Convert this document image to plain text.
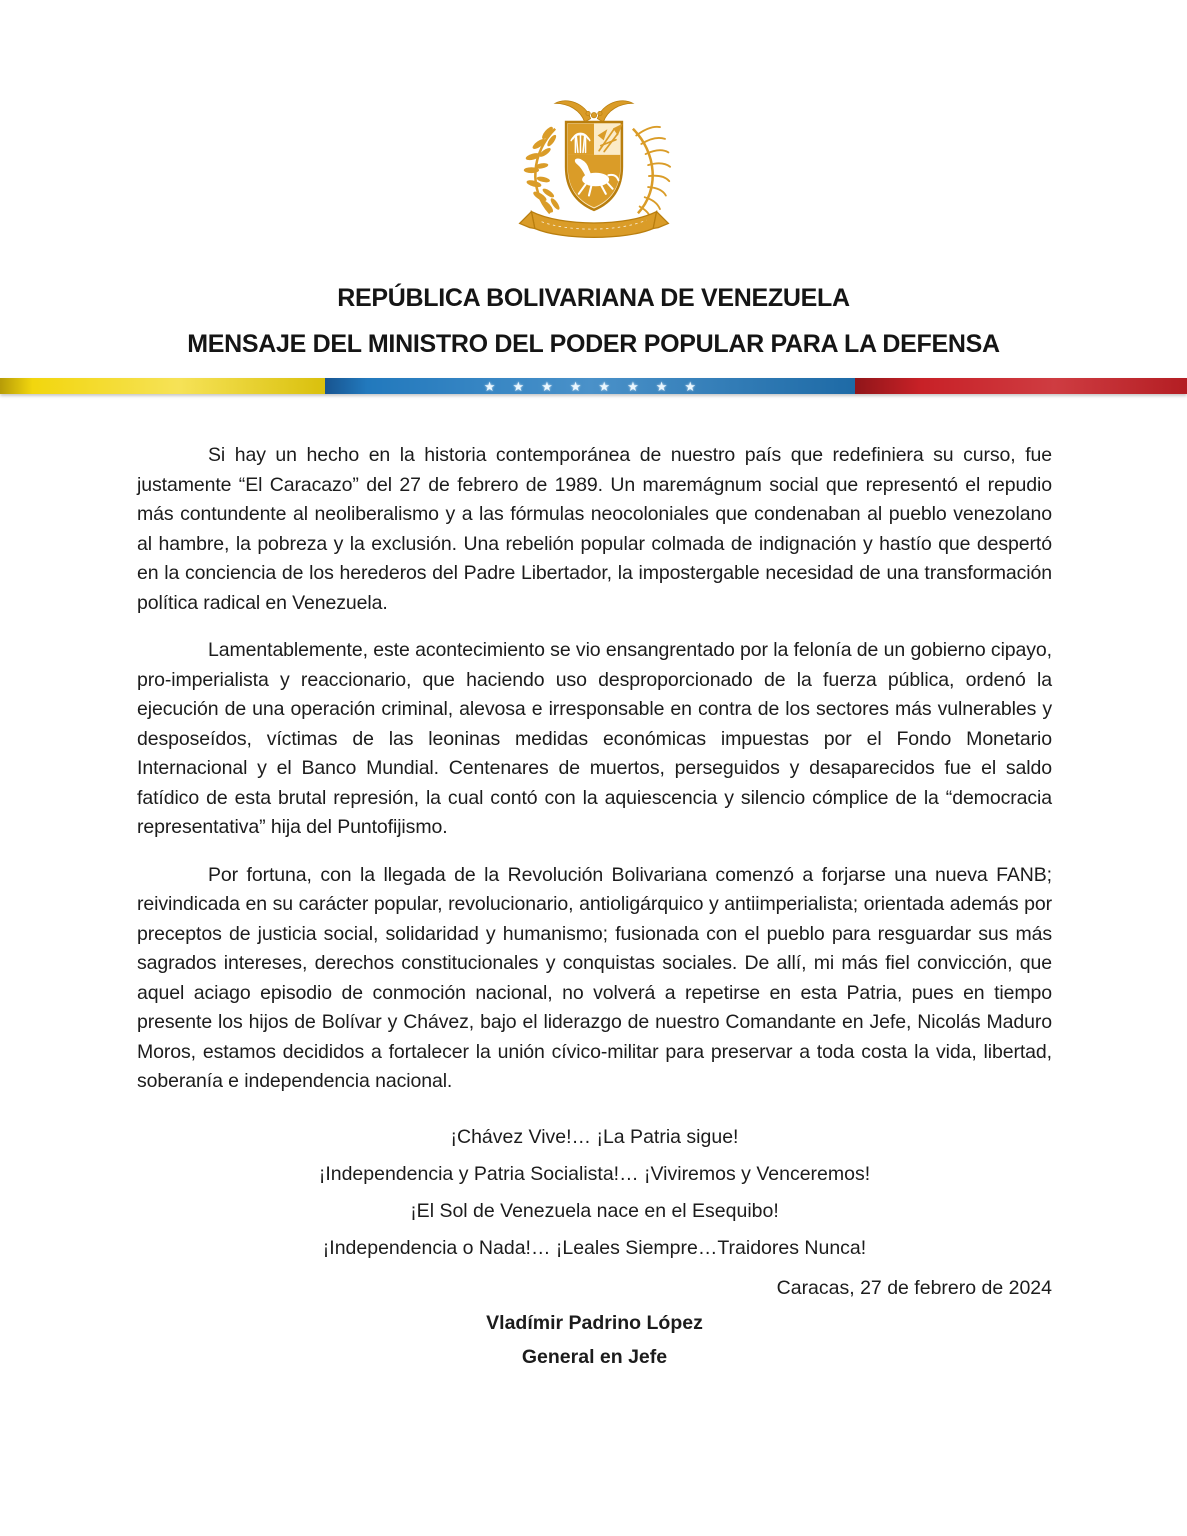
REPÚBLICA BOLIVARIANA DE VENEZUELA
MENSAJE DEL MINISTRO DEL PODER POPULAR PARA LA DEFENSA
★ ★ ★ ★ ★ ★ ★ ★

Si hay un hecho en la historia contemporánea de nuestro país que redefiniera su curso, fue justamente “El Caracazo” del 27 de febrero de 1989. Un maremágnum social que representó el repudio más contundente al neoliberalismo y a las fórmulas neocoloniales que condenaban al pueblo venezolano al hambre, la pobreza y la exclusión. Una rebelión popular colmada de indignación y hastío que despertó en la conciencia de los herederos del Padre Libertador, la impostergable necesidad de una transformación política radical en Venezuela.

Lamentablemente, este acontecimiento se vio ensangrentado por la felonía de un gobierno cipayo, pro-imperialista y reaccionario, que haciendo uso desproporcionado de la fuerza pública, ordenó la ejecución de una operación criminal, alevosa e irresponsable en contra de los sectores más vulnerables y desposeídos, víctimas de las leoninas medidas económicas impuestas por el Fondo Monetario Internacional y el Banco Mundial. Centenares de muertos, perseguidos y desaparecidos fue el saldo fatídico de esta brutal represión, la cual contó con la aquiescencia y silencio cómplice de la “democracia representativa” hija del Puntofijismo.

Por fortuna, con la llegada de la Revolución Bolivariana comenzó a forjarse una nueva FANB; reivindicada en su carácter popular, revolucionario, antioligárquico y antiimperialista; orientada además por preceptos de justicia social, solidaridad y humanismo; fusionada con el pueblo para resguardar sus más sagrados intereses, derechos constitucionales y conquistas sociales. De allí, mi más fiel convicción, que aquel aciago episodio de conmoción nacional, no volverá a repetirse en esta Patria, pues en tiempo presente los hijos de Bolívar y Chávez, bajo el liderazgo de nuestro Comandante en Jefe, Nicolás Maduro Moros, estamos decididos a fortalecer la unión cívico-militar para preservar a toda costa la vida, libertad, soberanía e independencia nacional.

¡Chávez Vive!… ¡La Patria sigue!

¡Independencia y Patria Socialista!… ¡Viviremos y Venceremos!

¡El Sol de Venezuela nace en el Esequibo!

¡Independencia o Nada!… ¡Leales Siempre…Traidores Nunca!

Caracas, 27 de febrero de 2024

Vladímir Padrino López

General en Jefe
